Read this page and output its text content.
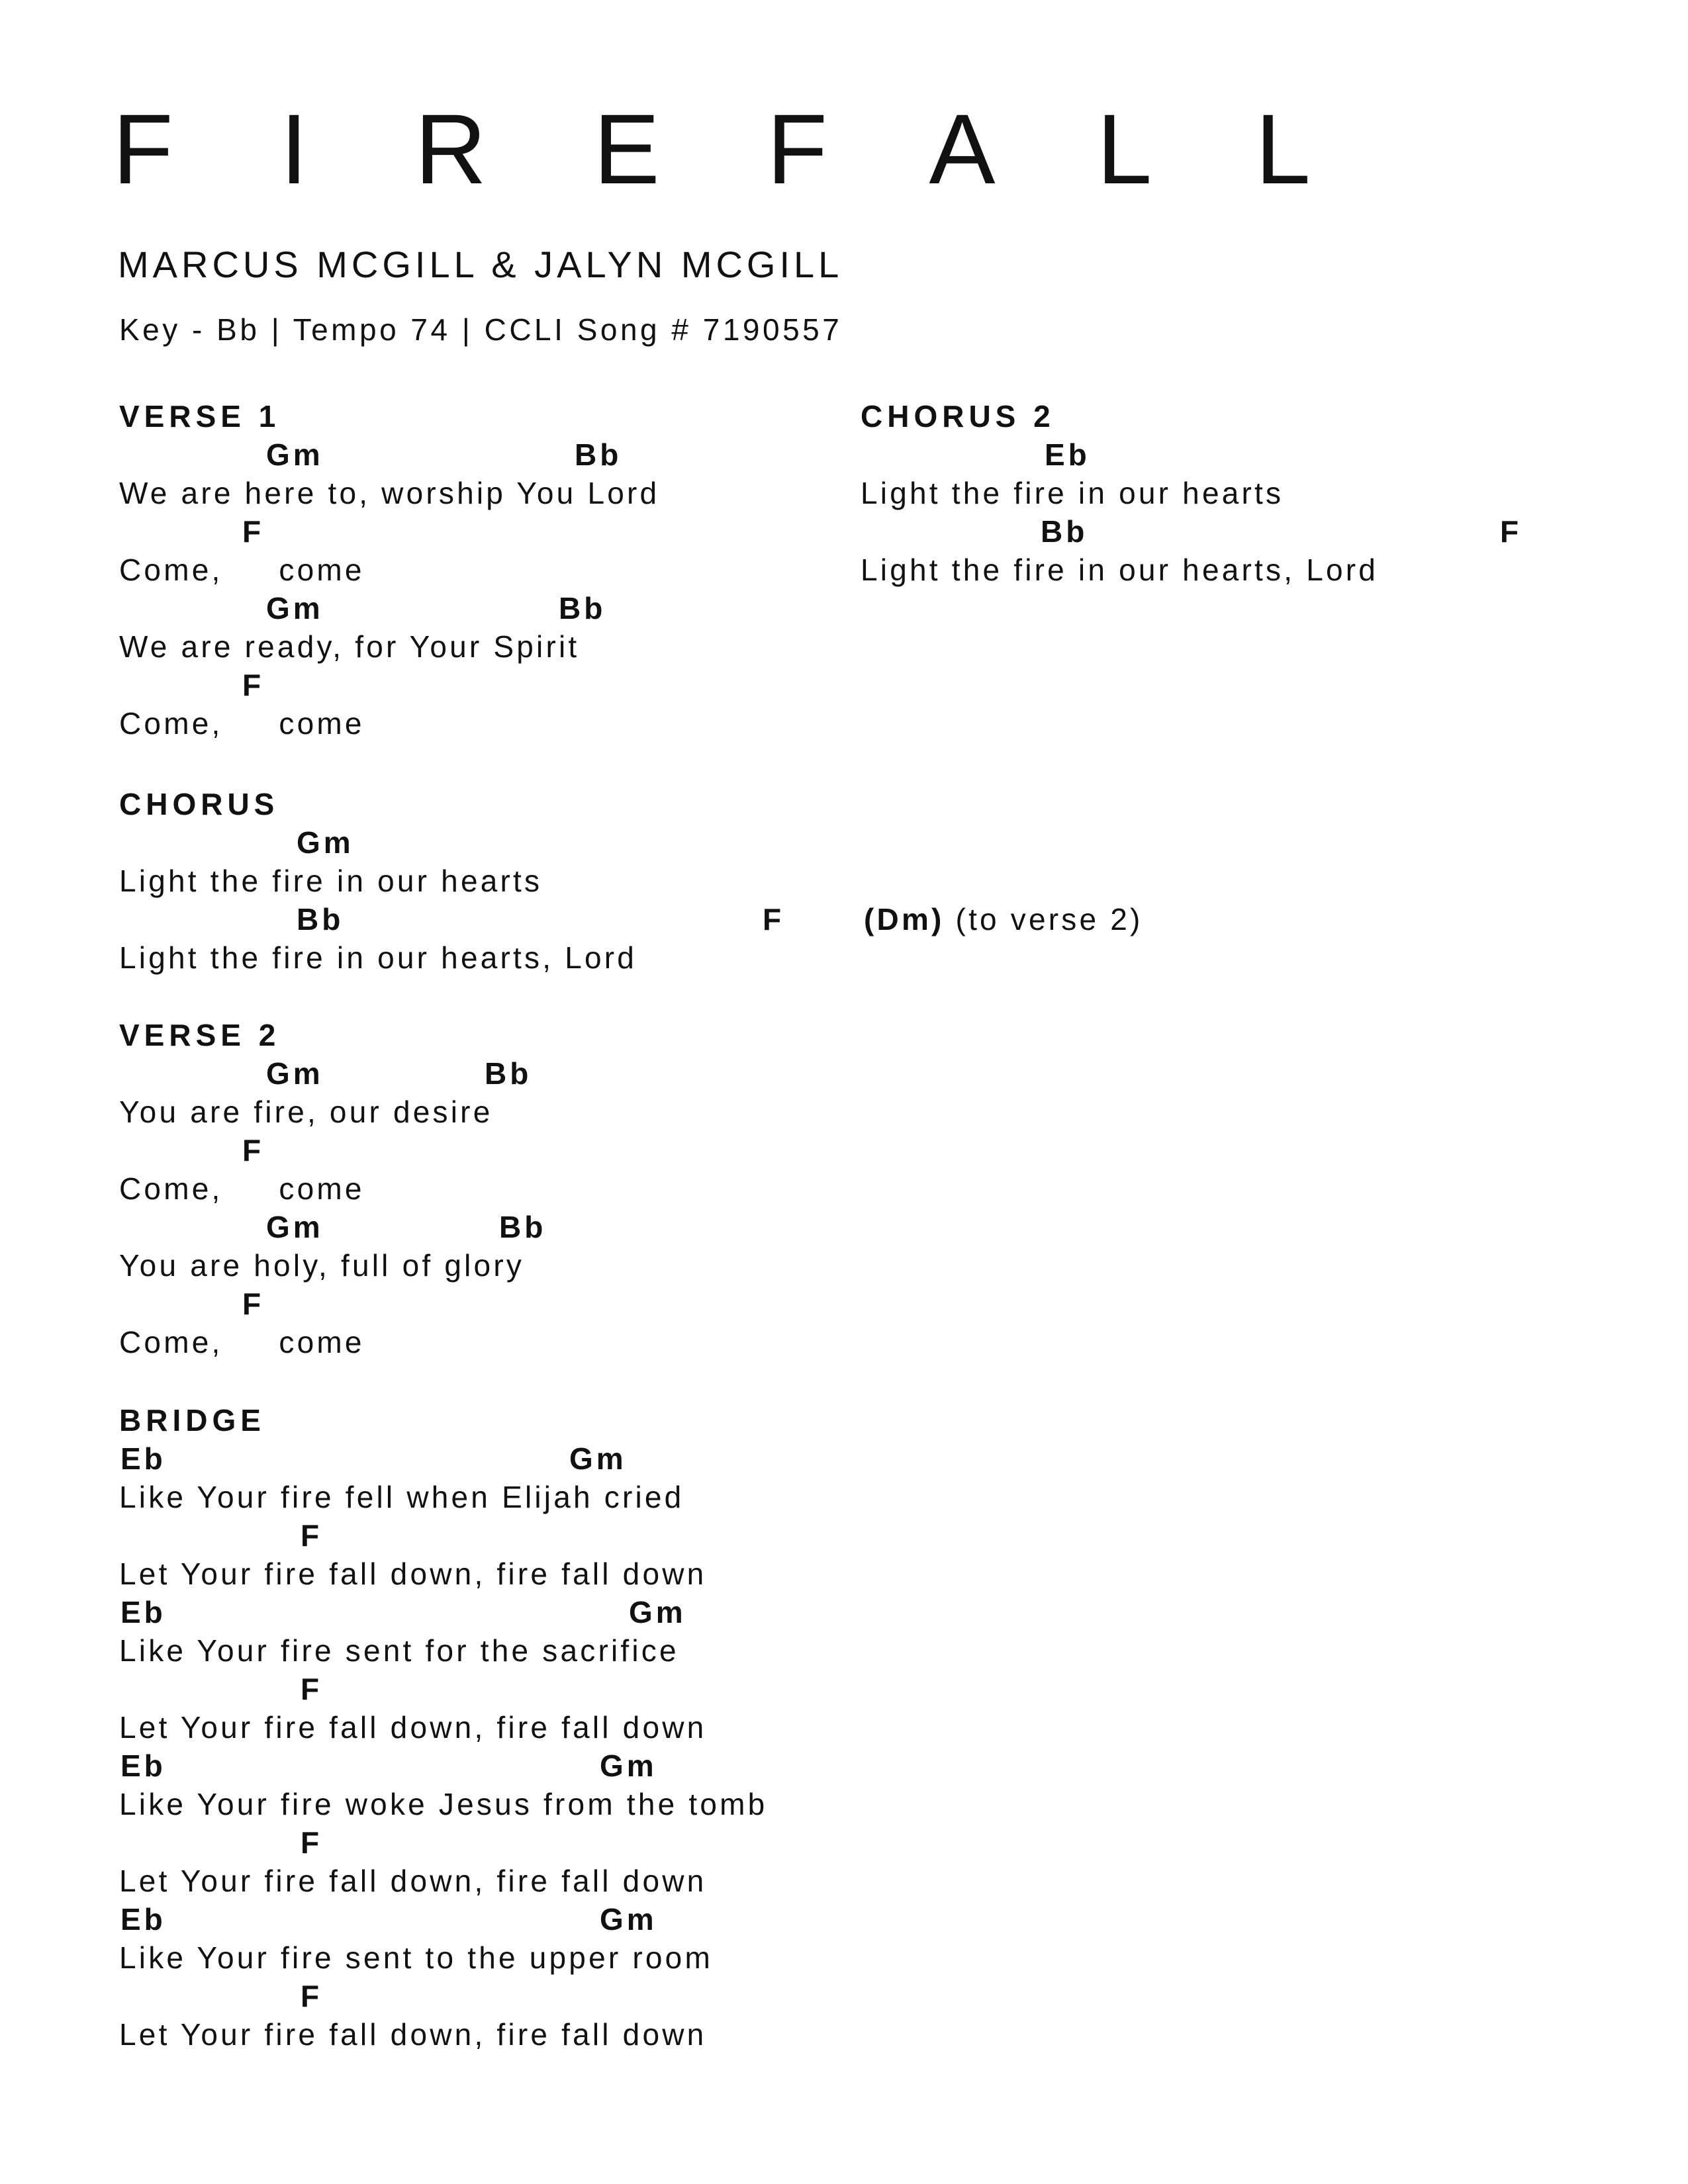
F I R E F A L L
MARCUS MCGILL & JALYN MCGILL
Key - Bb | Tempo 74 | CCLI Song # 7190557
VERSE 1
Gm	Bb
We are here to, worship You Lord
F
Come,     come
Gm	Bb
We are ready, for Your Spirit
F
Come,     come
CHORUS
Gm
Light the fire in our hearts
Bb	F
Light the fire in our hearts, Lord
(Dm) (to verse 2)
VERSE 2
Gm	Bb
You are fire, our desire
F
Come,     come
Gm	Bb
You are holy, full of glory
F
Come,     come
BRIDGE
Eb	Gm
Like Your fire fell when Elijah cried
F
Let Your fire fall down, fire fall down
Eb	Gm
Like Your fire sent for the sacrifice
F
Let Your fire fall down, fire fall down
Eb	Gm
Like Your fire woke Jesus from the tomb
F
Let Your fire fall down, fire fall down
Eb	Gm
Like Your fire sent to the upper room
F
Let Your fire fall down, fire fall down
CHORUS 2
Eb
Light the fire in our hearts
Bb	F
Light the fire in our hearts, Lord
